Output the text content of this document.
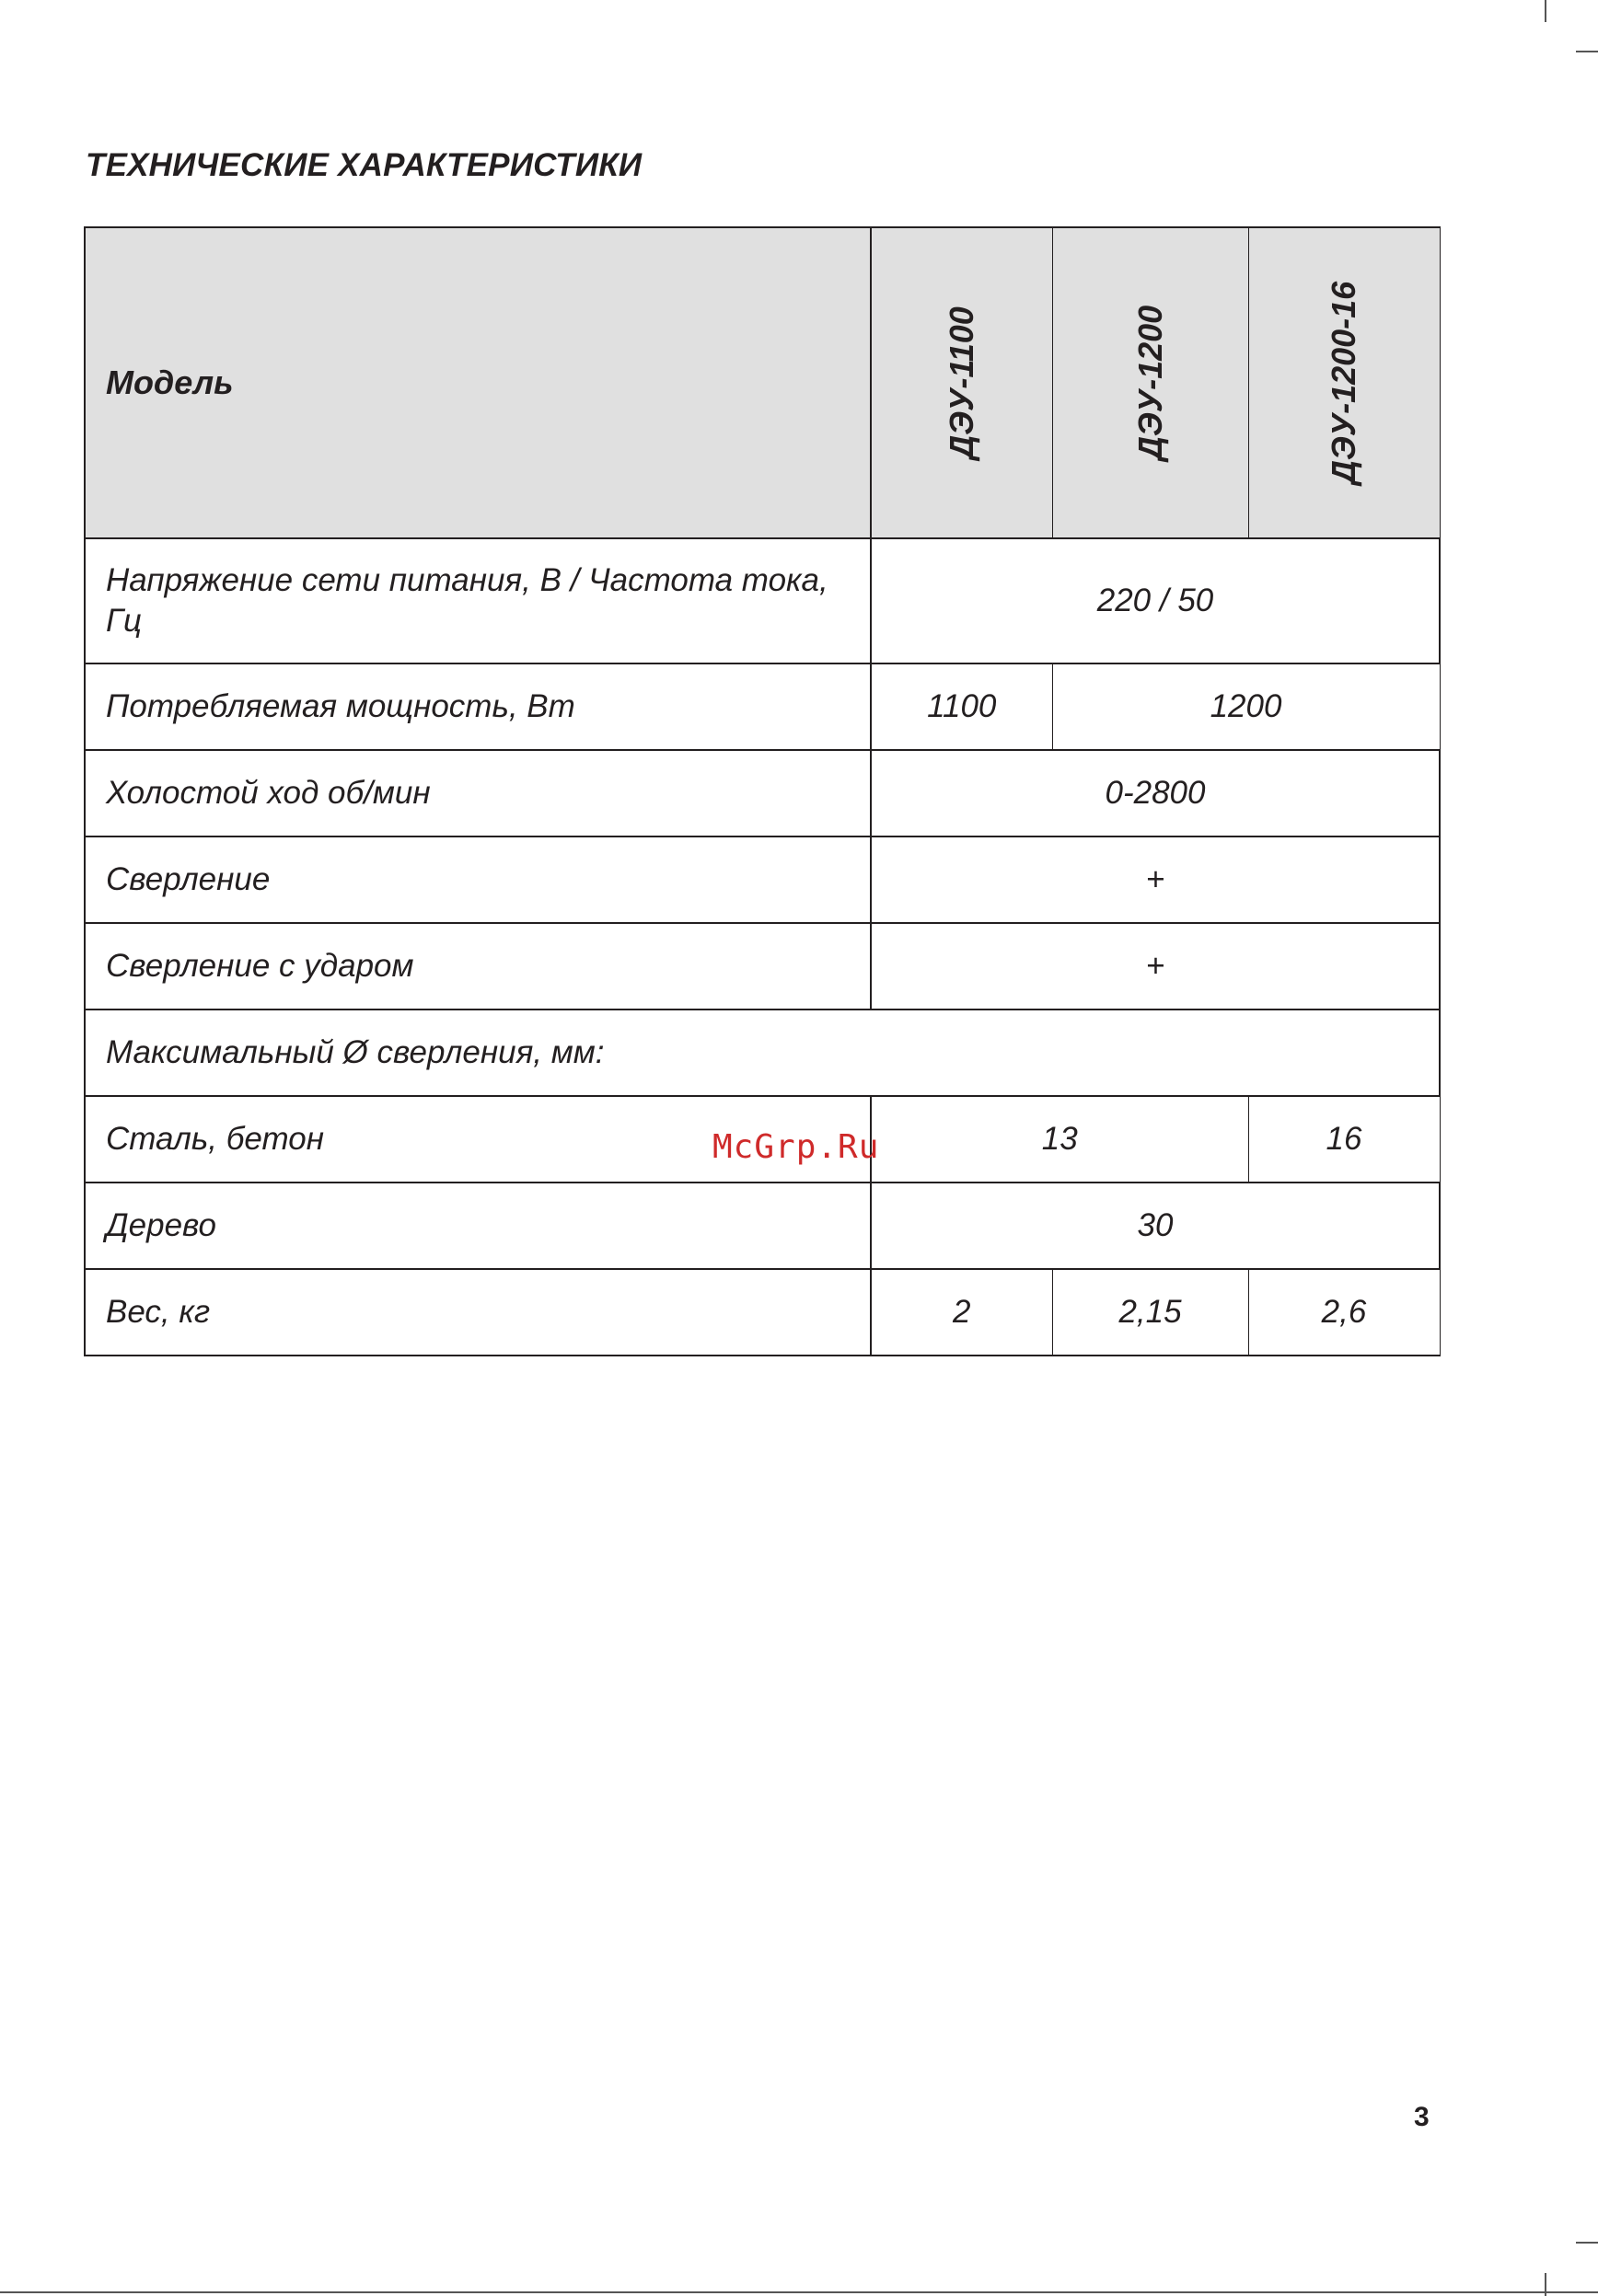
ТЕХНИЧЕСКИЕ ХАРАКТЕРИСТИКИ
Модель	ДЭУ-1100	ДЭУ-1200	ДЭУ-1200-16

Напряжение сети питания, В / Частота тока, Гц	220 / 50		
Потребляемая мощность, Вт	1100	1200	
Холостой ход об/мин	0-2800		
Сверление	+		
Сверление с ударом	+		
Максимальный Ø сверления, мм:			
Сталь, бетон	13		16
Дерево	30		
Вес, кг	2	2,15	2,6
McGrp.Ru
3
